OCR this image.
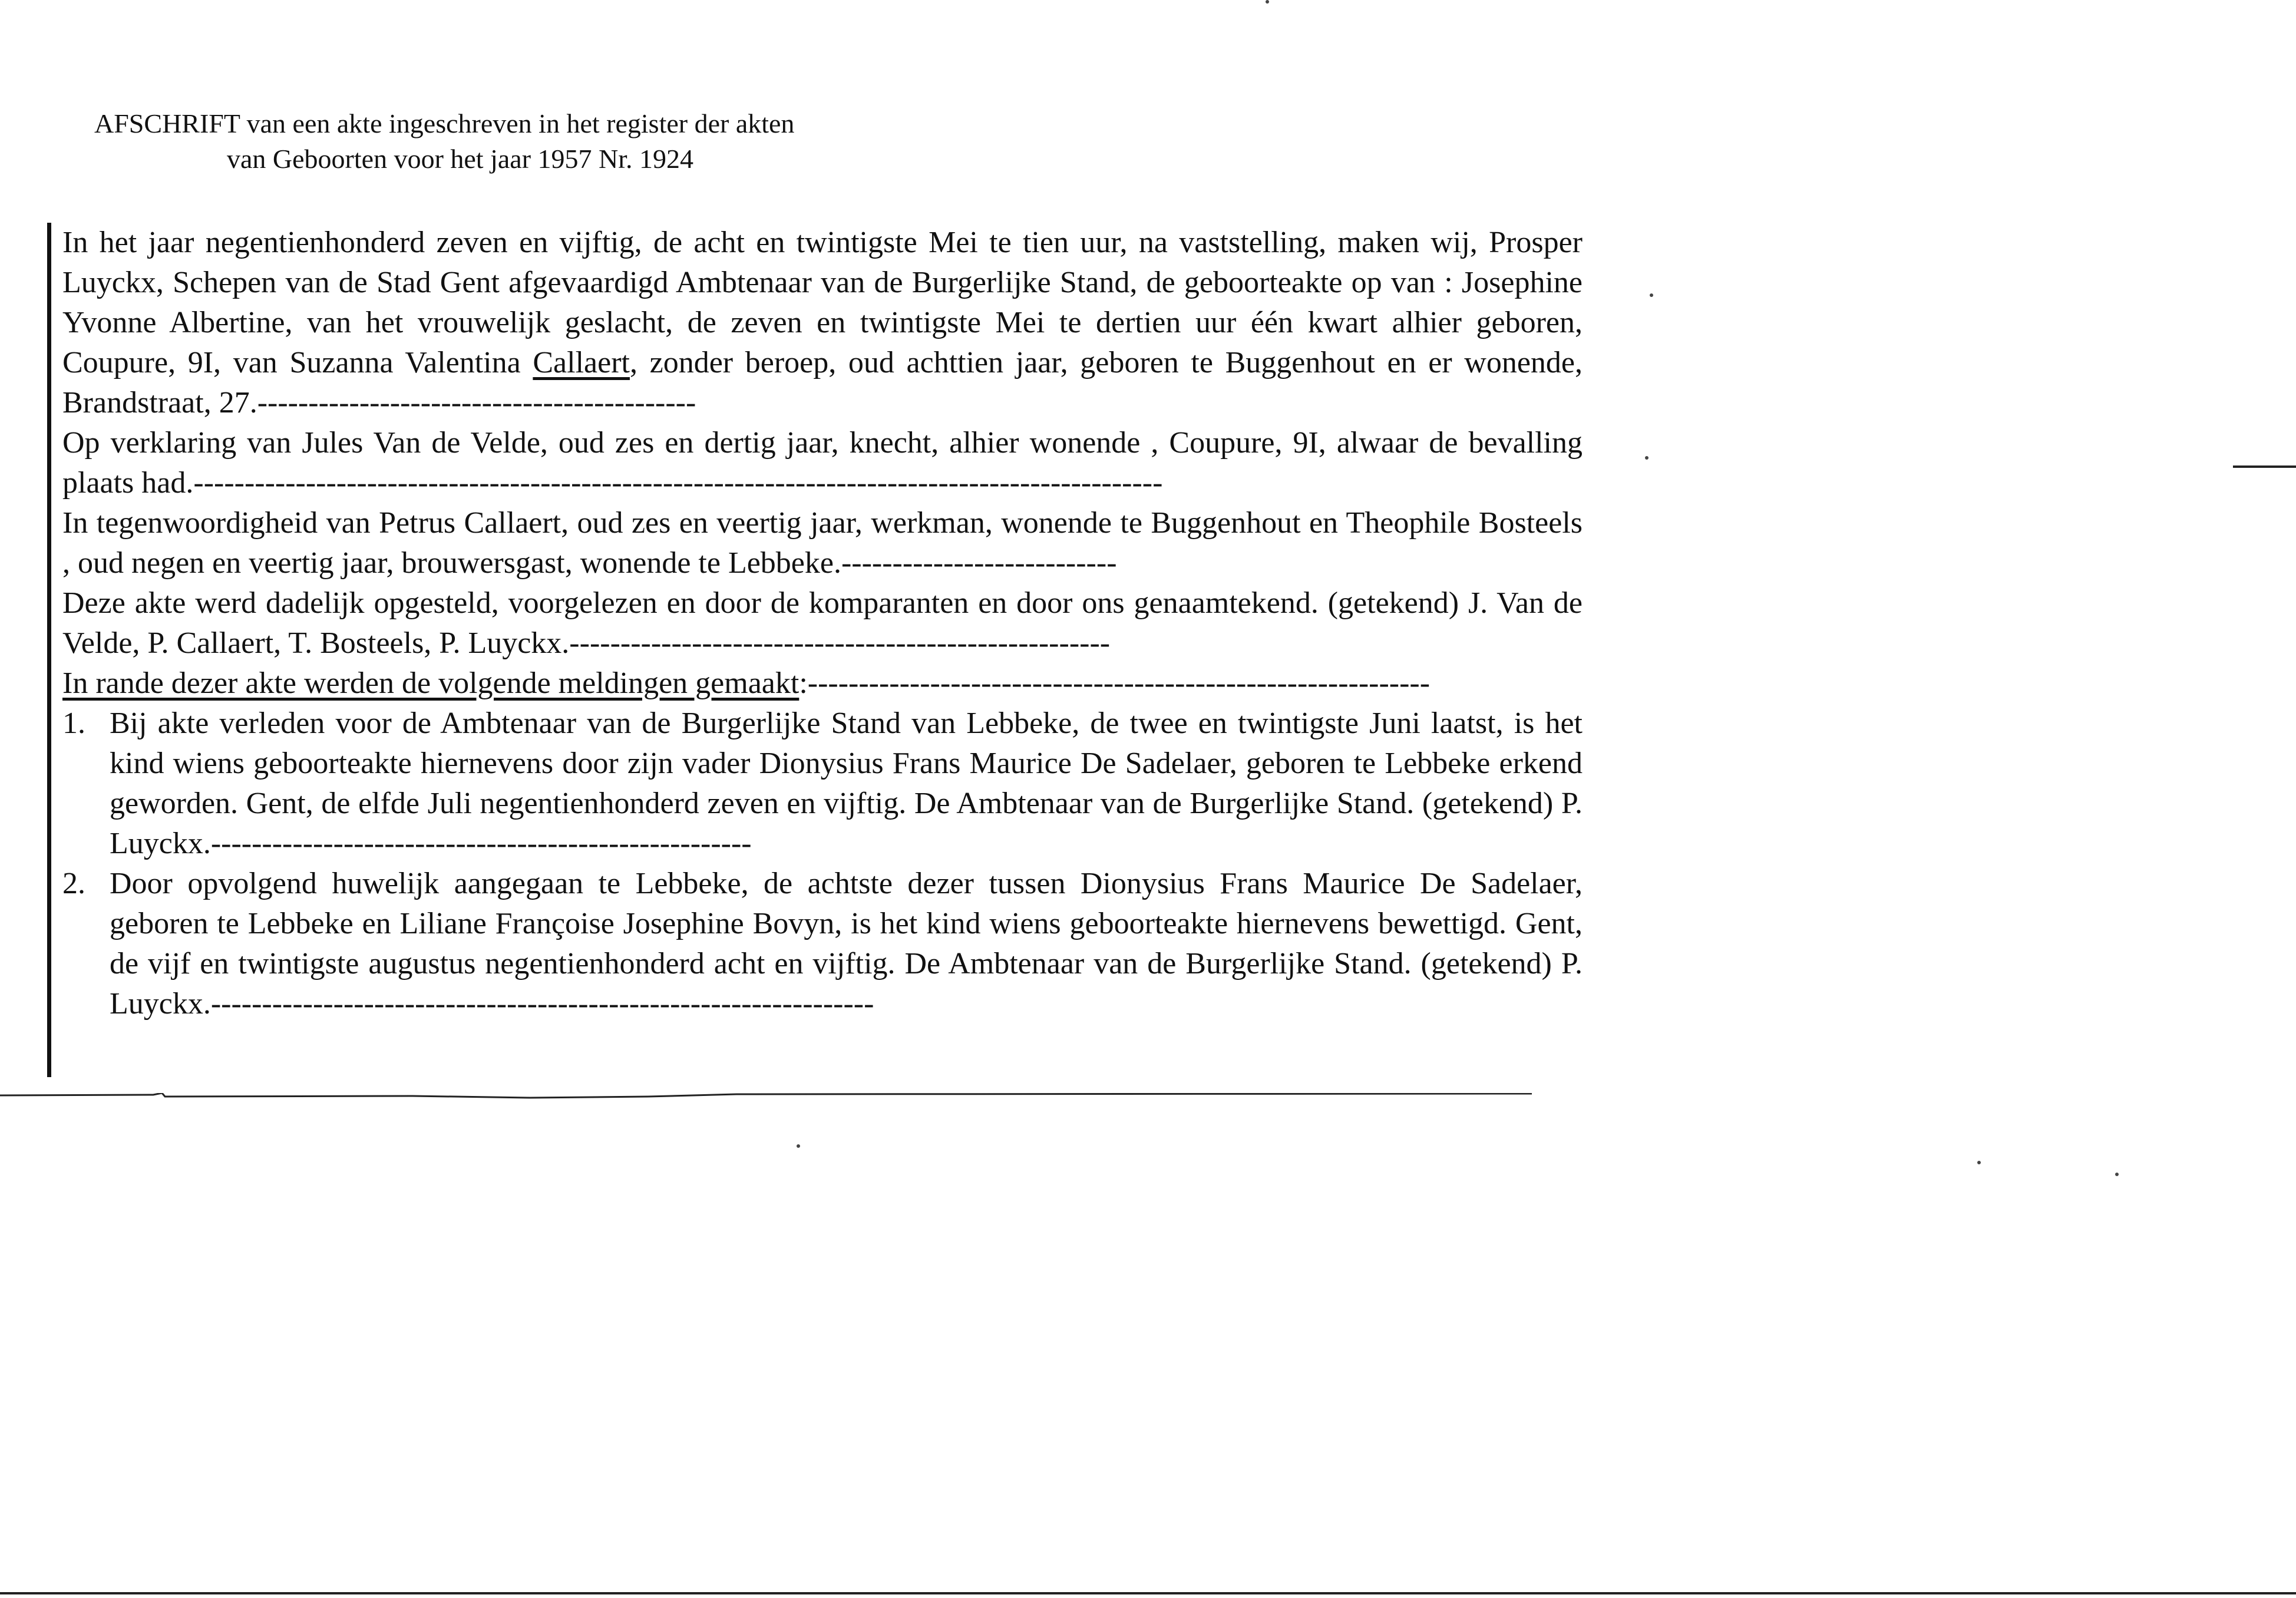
AFSCHRIFT van een akte ingeschreven in het register der akten
van Geboorten voor het jaar 1957 Nr. 1924

In het jaar negentienhonderd zeven en vijftig, de acht en twintigste Mei te tien uur, na vaststelling, maken wij, Prosper Luyckx, Schepen van de Stad Gent afgevaardigd Ambtenaar van de Burgerlijke Stand, de geboorteakte op van : Josephine Yvonne Albertine, van het vrouwelijk geslacht, de zeven en twintigste Mei te dertien uur één kwart alhier geboren, Coupure, 9I, van Suzanna Valentina Callaert, zonder beroep, oud achttien jaar, geboren te Buggenhout en er wonende, Brandstraat, 27.-------------------------------------------

Op verklaring van Jules Van de Velde, oud zes en dertig jaar, knecht, alhier wonende , Coupure, 9I, alwaar de bevalling plaats had.-----------------------------------------------------------------------------------------------

In tegenwoordigheid van Petrus Callaert, oud zes en veertig jaar, werkman, wonende te Buggenhout en Theophile Bosteels , oud negen en veertig jaar, brouwersgast, wonende te Lebbeke.---------------------------

Deze akte werd dadelijk opgesteld, voorgelezen en door de komparanten en door ons genaamtekend. (getekend) J. Van de Velde, P. Callaert, T. Bosteels, P. Luyckx.-----------------------------------------------------

In rande dezer akte werden de volgende meldingen gemaakt:-------------------------------------------------------------

1. Bij akte verleden voor de Ambtenaar van de Burgerlijke Stand van Lebbeke, de twee en twintigste Juni laatst, is het kind wiens geboorteakte hiernevens door zijn vader Dionysius Frans Maurice De Sadelaer, geboren te Lebbeke erkend geworden. Gent, de elfde Juli negentienhonderd zeven en vijftig. De Ambtenaar van de Burgerlijke Stand. (getekend) P. Luyckx.-----------------------------------------------------
2. Door opvolgend huwelijk aangegaan te Lebbeke, de achtste dezer tussen Dionysius Frans Maurice De Sadelaer, geboren te Lebbeke en Liliane Françoise Josephine Bovyn, is het kind wiens geboorteakte hiernevens bewettigd. Gent, de vijf en twintigste augustus negentienhonderd acht en vijftig. De Ambtenaar van de Burgerlijke Stand. (getekend) P. Luyckx.-----------------------------------------------------------------
